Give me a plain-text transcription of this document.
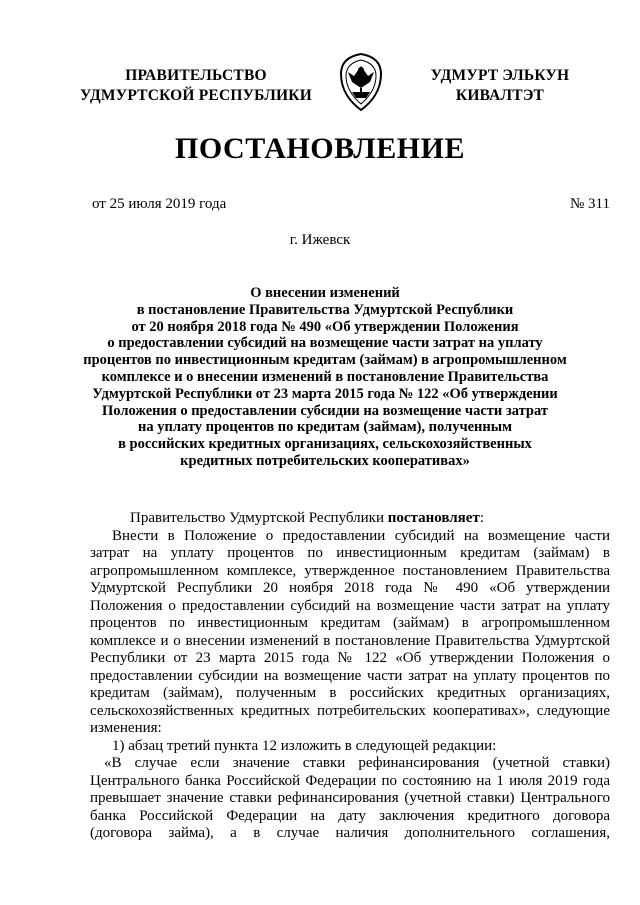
ПРАВИТЕЛЬСТВО
УДМУРТСКОЙ РЕСПУБЛИКИ
УДМУРТ ЭЛЬКУН
КИВАЛТЭТ
ПОСТАНОВЛЕНИЕ
от 25 июля 2019 года	№ 311
г. Ижевск
О внесении изменений
в постановление Правительства Удмуртской Республики
от 20 ноября 2018 года № 490 «Об утверждении Положения
о предоставлении субсидий на возмещение части затрат на уплату
процентов по инвестиционным кредитам (займам) в агропромышленном
комплексе и о внесении изменений в постановление Правительства
Удмуртской Республики от 23 марта 2015 года № 122 «Об утверждении
Положения о предоставлении субсидии на возмещение части затрат
на уплату процентов по кредитам (займам), полученным
в российских кредитных организациях, сельскохозяйственных
кредитных потребительских кооперативах»
Правительство Удмуртской Республики постановляет:
Внести в Положение о предоставлении субсидий на возмещение части
затрат на уплату процентов по инвестиционным кредитам (займам) в
агропромышленном комплексе, утвержденное постановлением Правительства
Удмуртской Республики 20 ноября 2018 года № 490 «Об утверждении
Положения о предоставлении субсидий на возмещение части затрат на уплату
процентов по инвестиционным кредитам (займам) в агропромышленном
комплексе и о внесении изменений в постановление Правительства Удмуртской
Республики от 23 марта 2015 года № 122 «Об утверждении Положения о
предоставлении субсидии на возмещение части затрат на уплату процентов по
кредитам (займам), полученным в российских кредитных организациях,
сельскохозяйственных кредитных потребительских кооперативах», следующие
изменения:
1) абзац третий пункта 12 изложить в следующей редакции:
«В случае если значение ставки рефинансирования (учетной ставки)
Центрального банка Российской Федерации по состоянию на 1 июля 2019 года
превышает значение ставки рефинансирования (учетной ставки) Центрального
банка Российской Федерации на дату заключения кредитного договора
(договора займа), а в случае наличия дополнительного соглашения,
